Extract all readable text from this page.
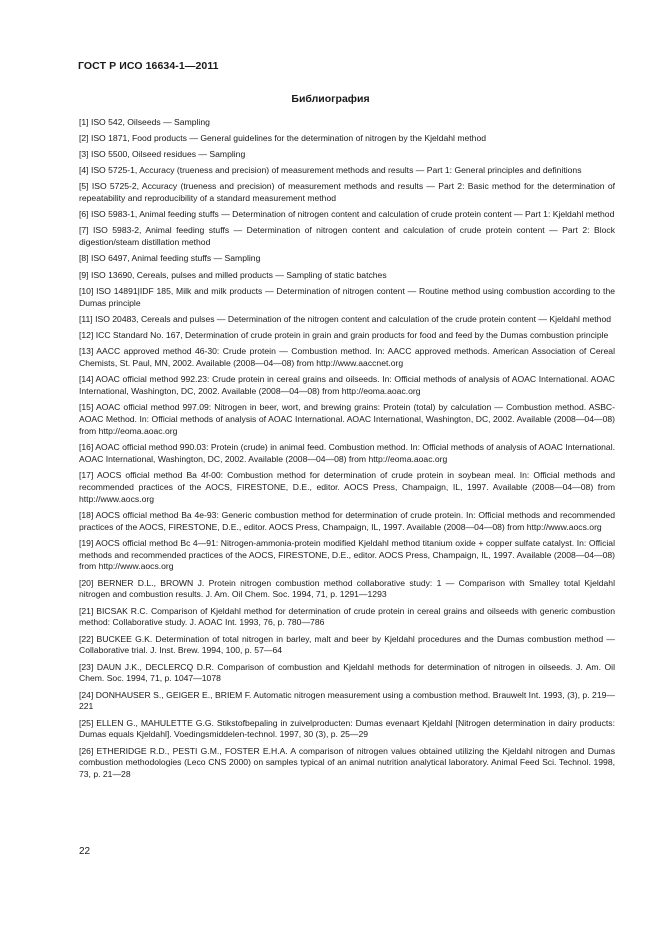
ГОСТ Р ИСО 16634-1—2011
Библиография
[1] ISO 542, Oilseeds — Sampling
[2] ISO 1871, Food products — General guidelines for the determination of nitrogen by the Kjeldahl method
[3] ISO 5500, Oilseed residues — Sampling
[4] ISO 5725-1, Accuracy (trueness and precision) of measurement methods and results — Part 1: General principles and definitions
[5] ISO 5725-2, Accuracy (trueness and precision) of measurement methods and results — Part 2: Basic method for the determination of repeatability and reproducibility of a standard measurement method
[6] ISO 5983-1, Animal feeding stuffs — Determination of nitrogen content and calculation of crude protein content — Part 1: Kjeldahl method
[7] ISO 5983-2, Animal feeding stuffs — Determination of nitrogen content and calculation of crude protein content — Part 2: Block digestion/steam distillation method
[8] ISO 6497, Animal feeding stuffs — Sampling
[9] ISO 13690, Cereals, pulses and milled products — Sampling of static batches
[10] ISO 14891|IDF 185, Milk and milk products — Determination of nitrogen content — Routine method using combustion according to the Dumas principle
[11] ISO 20483, Cereals and pulses — Determination of the nitrogen content and calculation of the crude protein content — Kjeldahl method
[12] ICC Standard No. 167, Determination of crude protein in grain and grain products for food and feed by the Dumas combustion principle
[13] AACC approved method 46-30: Crude protein — Combustion method. In: AACC approved methods. American Association of Cereal Chemists, St. Paul, MN, 2002. Available (2008—04—08) from http://www.aaccnet.org
[14] AOAC official method 992.23: Crude protein in cereal grains and oilseeds. In: Official methods of analysis of AOAC International. AOAC International, Washington, DC, 2002. Available (2008—04—08) from http://eoma.aoac.org
[15] AOAC official method 997.09: Nitrogen in beer, wort, and brewing grains: Protein (total) by calculation — Combustion method. ASBC-AOAC Method. In: Official methods of analysis of AOAC International. AOAC International, Washington, DC, 2002. Available (2008—04—08) from http://eoma.aoac.org
[16] AOAC official method 990.03: Protein (crude) in animal feed. Combustion method. In: Official methods of analysis of AOAC International. AOAC International, Washington, DC, 2002. Available (2008—04—08) from http://eoma.aoac.org
[17] AOCS official method Ba 4f-00: Combustion method for determination of crude protein in soybean meal. In: Official methods and recommended practices of the AOCS, FIRESTONE, D.E., editor. AOCS Press, Champaign, IL, 1997. Available (2008—04—08) from http://www.aocs.org
[18] AOCS official method Ba 4e-93: Generic combustion method for determination of crude protein. In: Official methods and recommended practices of the AOCS, FIRESTONE, D.E., editor. AOCS Press, Champaign, IL, 1997. Available (2008—04—08) from http://www.aocs.org
[19] AOCS official method Bc 4—91: Nitrogen-ammonia-protein modified Kjeldahl method titanium oxide + copper sulfate catalyst. In: Official methods and recommended practices of the AOCS, FIRESTONE, D.E., editor. AOCS Press, Champaign, IL, 1997. Available (2008—04—08) from http://www.aocs.org
[20] BERNER D.L., BROWN J. Protein nitrogen combustion method collaborative study: 1 — Comparison with Smalley total Kjeldahl nitrogen and combustion results. J. Am. Oil Chem. Soc. 1994, 71, p. 1291—1293
[21] BICSAK R.C. Comparison of Kjeldahl method for determination of crude protein in cereal grains and oilseeds with generic combustion method: Collaborative study. J. AOAC Int. 1993, 76, p. 780—786
[22] BUCKEE G.K. Determination of total nitrogen in barley, malt and beer by Kjeldahl procedures and the Dumas combustion method — Collaborative trial. J. Inst. Brew. 1994, 100, p. 57—64
[23] DAUN J.K., DECLERCQ D.R. Comparison of combustion and Kjeldahl methods for determination of nitrogen in oilseeds. J. Am. Oil Chem. Soc. 1994, 71, p. 1047—1078
[24] DONHAUSER S., GEIGER E., BRIEM F. Automatic nitrogen measurement using a combustion method. Brauwelt Int. 1993, (3), p. 219—221
[25] ELLEN G., MAHULETTE G.G. Stikstofbepaling in zuivelproducten: Dumas evenaart Kjeldahl [Nitrogen determination in dairy products: Dumas equals Kjeldahl]. Voedingsmiddelen-technol. 1997, 30 (3), p. 25—29
[26] ETHERIDGE R.D., PESTI G.M., FOSTER E.H.A. A comparison of nitrogen values obtained utilizing the Kjeldahl nitrogen and Dumas combustion methodologies (Leco CNS 2000) on samples typical of an animal nutrition analytical laboratory. Animal Feed Sci. Technol. 1998, 73, p. 21—28
22
